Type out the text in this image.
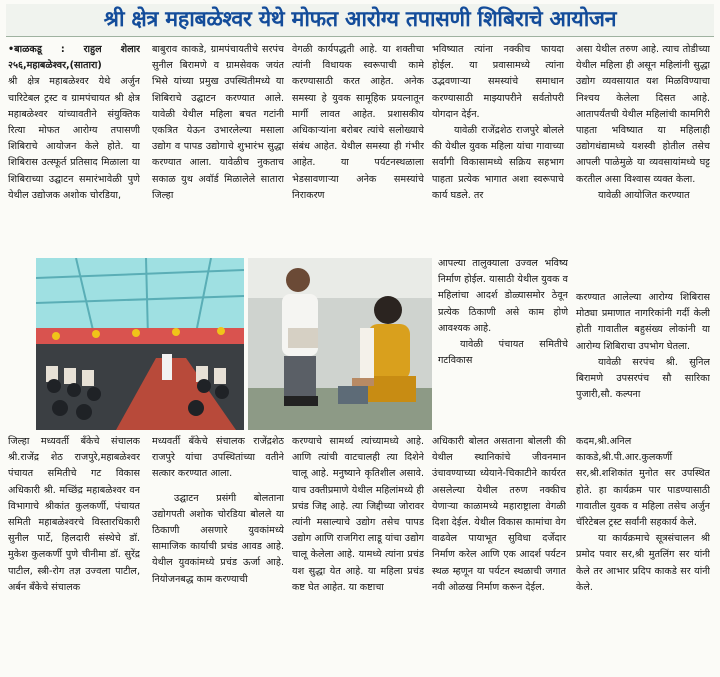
श्री क्षेत्र महाबळेश्वर येथे मोफत आरोग्य तपासणी शिबिराचे आयोजन

•बाळकडू : राहुल शेलार २५६,महाबळेश्वर,(सातारा)

श्री क्षेत्र महाबळेश्वर येथे अर्जुन चारिटेबल ट्रस्ट व ग्रामपंचायत श्री क्षेत्र महाबळेश्वर यांच्यावतीने संयुक्तिक रित्या मोफत आरोग्य तपासणी शिबिराचे आयोजन केले होते. या शिबिरास उत्स्फूर्त प्रतिसाद मिळाला या शिबिराच्या उद्घाटन समारंभावेळी पुणे येथील उद्योजक अशोक चोरडिया,

बाबुराव काकडे, ग्रामपंचायतीचे सरपंच सुनील बिरामणे व ग्रामसेवक जयंत भिसे यांच्या प्रमुख उपस्थितीमध्ये या शिबिराचे उद्घाटन करण्यात आले. यावेळी येथील महिला बचत गटांनी एकत्रित येऊन उभारलेल्या मसाला उद्योग व पापड उद्योगाचे शुभारंभ सुद्धा करण्यात आला. यावेळीच नुकताच सकाळ युथ अवॉर्ड मिळालेले सातारा जिल्हा

वेगळी कार्यपद्धती आहे. या शक्तीचा त्यांनी विधायक स्वरूपाची कामे करण्यासाठी करत आहेत. अनेक समस्या हे युवक सामूहिक प्रयत्नातून मार्गी लावत आहेत. प्रशासकीय अधिकाऱ्यांना बरोबर त्यांचे सलोख्याचे संबंध आहेत. येथील समस्या ही गंभीर आहेत. या पर्यटनस्थळाला भेडसावणाऱ्या अनेक समस्यांचे निराकरण

भविष्यात त्यांना नक्कीच फायदा होईल. या प्रवासामध्ये त्यांना उद्भवणाऱ्या समस्यांचे समाधान करण्यासाठी माझ्यापरीने सर्वतोपरी योगदान देईन.

यावेळी राजेंद्रशेठ राजपुरे बोलले की येथील युवक महिला यांचा गावाच्या सर्वांगी विकासामध्ये सक्रिय सहभाग पाहता प्रत्येक भागात अशा स्वरूपाचे कार्य घडले. तर

असा येथील तरुण आहे. त्याच तोडीच्या येथील महिला ही असून महिलांनी सुद्धा उद्योग व्यवसायात यश मिळविण्याचा निश्चय केलेला दिसत आहे. आतापर्यंतची येथील महिलांची कामगिरी पाहता भविष्यात या महिलाही उद्योगधंद्यामध्ये यशस्वी होतील तसेच आपली पाळेमुळे या व्यवसायांमध्ये घट्ट करतील असा विश्वास व्यक्त केला.

यावेळी आयोजित करण्यात

आपल्या तालुक्याला उज्वल भविष्य निर्माण होईल. यासाठी येथील युवक व महिलांचा आदर्श डोळ्यासमोर ठेवून प्रत्येक ठिकाणी असे काम होणे आवश्यक आहे.

यावेळी पंचायत समितीचे गटविकास

करण्यात आलेल्या आरोग्य शिबिरास मोठ्या प्रमाणात नागरिकांनी गर्दी केली होती गावातील बहुसंख्य लोकांनी या आरोग्य शिबिराचा उपभोग घेतला.

यावेळी सरपंच श्री. सुनिल बिरामणे उपसरपंच सौ सारिका पुजारी,सौ. कल्पना

जिल्हा मध्यवर्ती बँकेचे संचालक श्री.राजेंद्र शेठ राजपुरे,महाबळेश्वर पंचायत समितीचे गट विकास अधिकारी श्री. मच्छिंद्र महाबळेश्वर वन विभागाचे श्रीकांत कुलकर्णी, पंचायत समिती महाबळेश्वरचे विस्तारधिकारी सुनील पार्टे, हिलदारी संस्थेचे डॉ. मुकेश कुलकर्णी पुणे चीनीमा डॉ. सुरेंद्र पाटील, स्त्री-रोग तज्ञ उज्वला पाटील, अर्बन बँकेचे संचालक

मध्यवर्ती बँकेचे संचालक राजेंद्रशेठ राजपुरे यांचा उपस्थितांच्या वतीने सत्कार करण्यात आला.

उद्घाटन प्रसंगी बोलताना उद्योगपती अशोक चोरडिया बोलले या ठिकाणी असणारे युवकांमध्ये सामाजिक कार्याची प्रचंड आवड आहे. येथील युवकांमध्ये प्रचंड ऊर्जा आहे. नियोजनबद्ध काम करण्याची

करण्याचे सामर्थ्य त्यांच्यामध्ये आहे. आणि त्यांची वाटचालही त्या दिशेने चालू आहे. मनुष्याने कृतिशील असावे. याच उक्तीप्रमाणे येथील महिलांमध्ये ही प्रचंड जिद्द आहे. त्या जिद्दीच्या जोरावर त्यांनी मसाल्याचे उद्योग तसेच पापड उद्योग आणि राजगिरा लाडू यांचा उद्योग चालू केलेला आहे. यामध्ये त्यांना प्रचंड यश सुद्धा येत आहे. या महिला प्रचंड कष्ट घेत आहेत. या कष्टाचा

अधिकारी बोलत असताना बोलली की येथील स्थानिकांचे जीवनमान उंचावण्याच्या ध्येयाने-चिकाटीने कार्यरत असलेल्या येथील तरुण नक्कीच येणाऱ्या काळामध्ये महाराष्ट्राला वेगळी दिशा देईल. येथील विकास कामांचा वेग वाढवेल पायाभूत सुविधा दर्जेदार निर्माण करेल आणि एक आदर्श पर्यटन स्थळ म्हणून या पर्यटन स्थळाची जगात नवी ओळख निर्माण करून देईल.

कदम,श्री.अनिल काकडे,श्री.पी.आर.कुलकर्णी सर,श्री.शशिकांत मुनोत सर उपस्थित होते. हा कार्यक्रम पार पाडण्यासाठी गावातील युवक व महिला तसेच अर्जुन चॅरिटेबल ट्रस्ट सर्वांनी सहकार्य केले.

या कार्यक्रमाचे सूत्रसंचालन श्री प्रमोद पवार सर,श्री मुतलिंग सर यांनी केले तर आभार प्रदिप काकडे सर यांनी केले.
